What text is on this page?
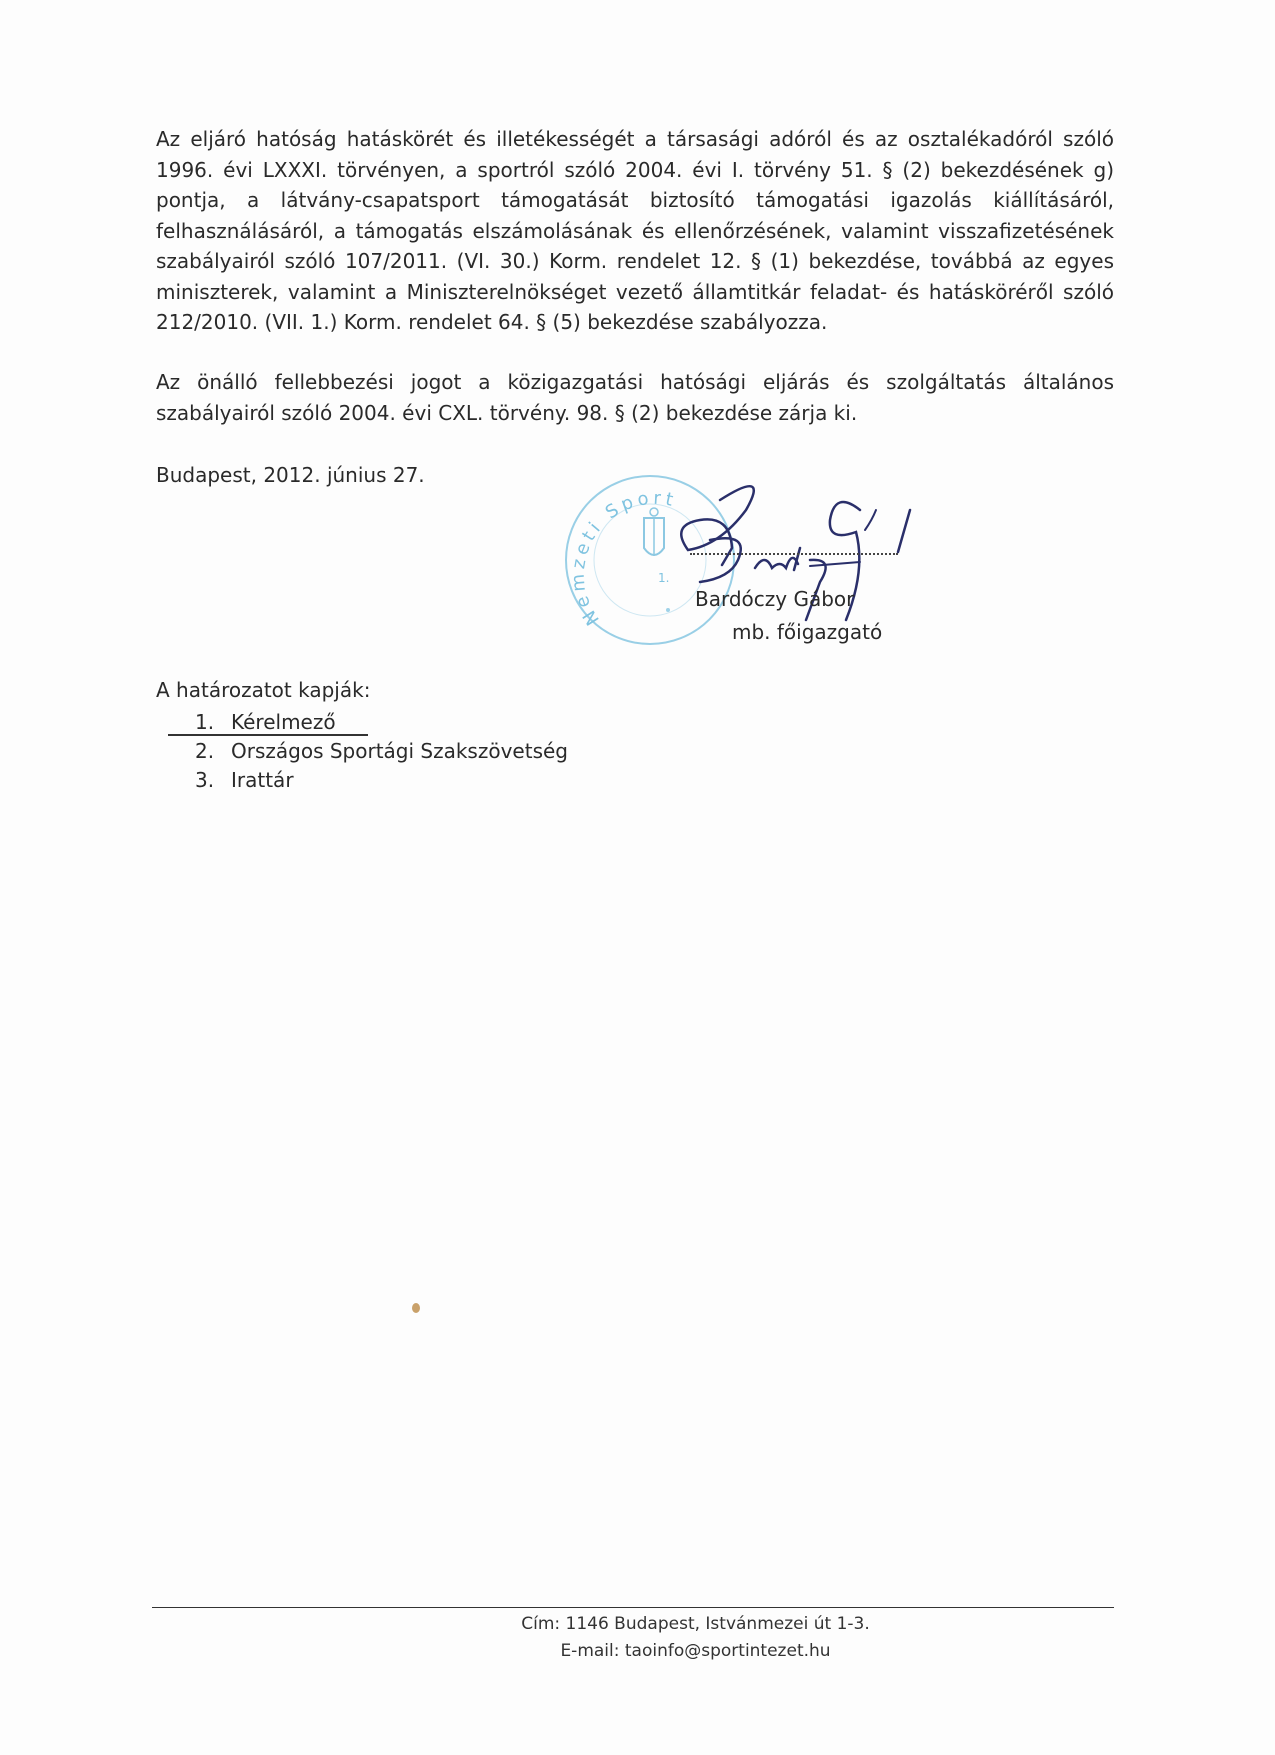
Az eljáró hatóság hatáskörét és illetékességét a társasági adóról és az osztalékadóról szóló 1996. évi LXXXI. törvényen, a sportról szóló 2004. évi I. törvény 51. § (2) bekezdésének g) pontja, a látvány-csapatsport támogatását biztosító támogatási igazolás kiállításáról, felhasználásáról, a támogatás elszámolásának és ellenőrzésének, valamint visszafizetésének szabályairól szóló 107/2011. (VI. 30.) Korm. rendelet 12. § (1) bekezdése, továbbá az egyes miniszterek, valamint a Miniszterelnökséget vezető államtitkár feladat- és hatásköréről szóló 212/2010. (VII. 1.) Korm. rendelet 64. § (5) bekezdése szabályozza.

Az önálló fellebbezési jogot a közigazgatási hatósági eljárás és szolgáltatás általános szabályairól szóló 2004. évi CXL. törvény. 98. § (2) bekezdése zárja ki.

Budapest, 2012. június 27.

Nemzeti Sport
1.
Bardóczy Gábor
mb. főigazgató

A határozatot kapják:

1. Kérelmező
2. Országos Sportági Szakszövetség
3. Irattár
Cím: 1146 Budapest, Istvánmezei út 1-3.
E-mail: taoinfo@sportintezet.hu
